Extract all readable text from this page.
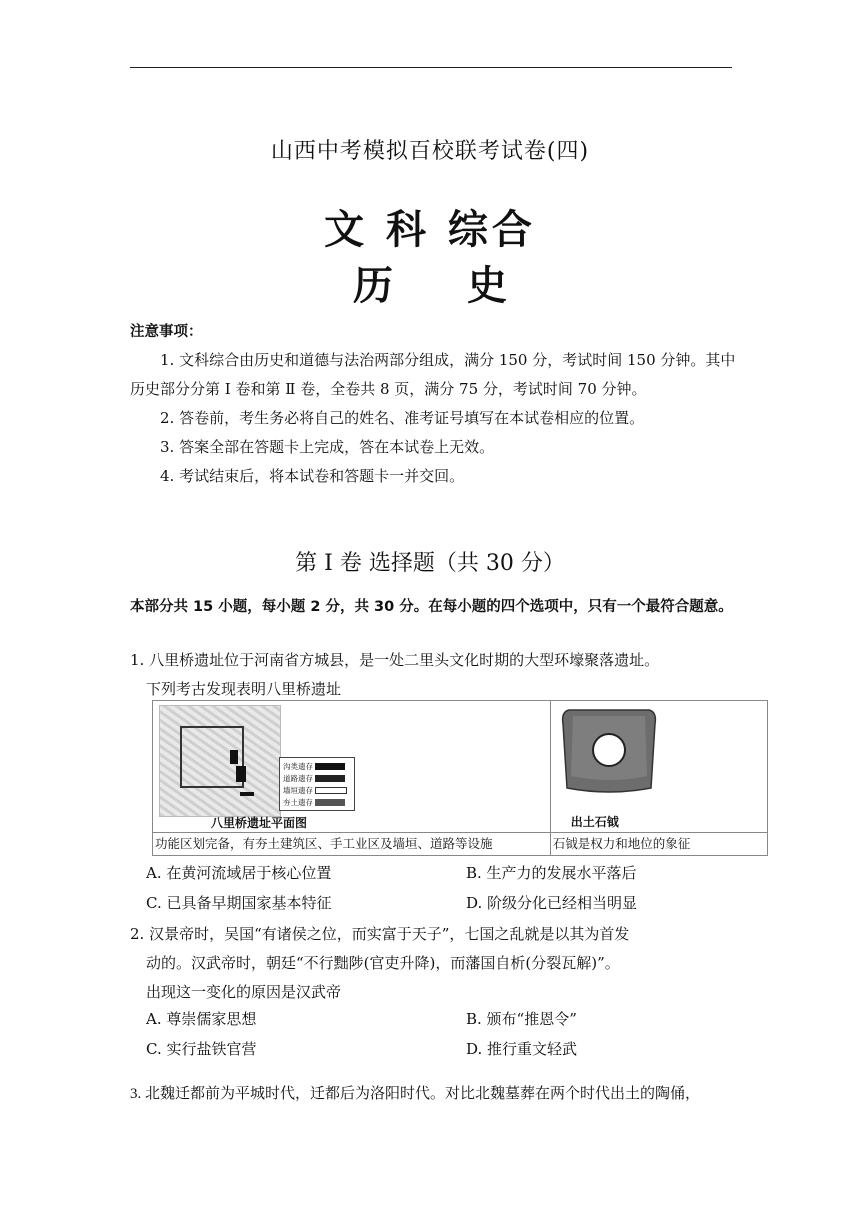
山西中考模拟百校联考试卷(四)
文 科 综合
历 史
注意事项：

1. 文科综合由历史和道德与法治两部分组成，满分 150 分，考试时间 150 分钟。其中历史部分分第 Ⅰ 卷和第 Ⅱ 卷，全卷共 8 页，满分 75 分，考试时间 70 分钟。

2. 答卷前，考生务必将自己的姓名、准考证号填写在本试卷相应的位置。

3. 答案全部在答题卡上完成，答在本试卷上无效。

4. 考试结束后，将本试卷和答题卡一并交回。

第 Ⅰ 卷 选择题（共 30 分）
本部分共 15 小题，每小题 2 分，共 30 分。在每小题的四个选项中，只有一个最符合题意。

1. 八里桥遗址位于河南省方城县，是一处二里头文化时期的大型环壕聚落遗址。

下列考古发现表明八里桥遗址

沟类遗存
道路遗存
墙垣遗存
夯土遗存
八里桥遗址平面图	出土石钺

功能区划完备，有夯土建筑区、手工业区及墙垣、道路等设施	石钺是权力和地位的象征
A. 在黄河流域居于核心位置	B. 生产力的发展水平落后
C. 已具备早期国家基本特征	D. 阶级分化已经相当明显

2. 汉景帝时，吴国“有诸侯之位，而实富于天子”，七国之乱就是以其为首发

动的。汉武帝时，朝廷“不行黜陟(官吏升降)，而藩国自析(分裂瓦解)”。

出现这一变化的原因是汉武帝

A. 尊崇儒家思想	B. 颁布“推恩令”
C. 实行盐铁官营	D. 推行重文轻武

3. 北魏迁都前为平城时代，迁都后为洛阳时代。对比北魏墓葬在两个时代出土的陶俑，
